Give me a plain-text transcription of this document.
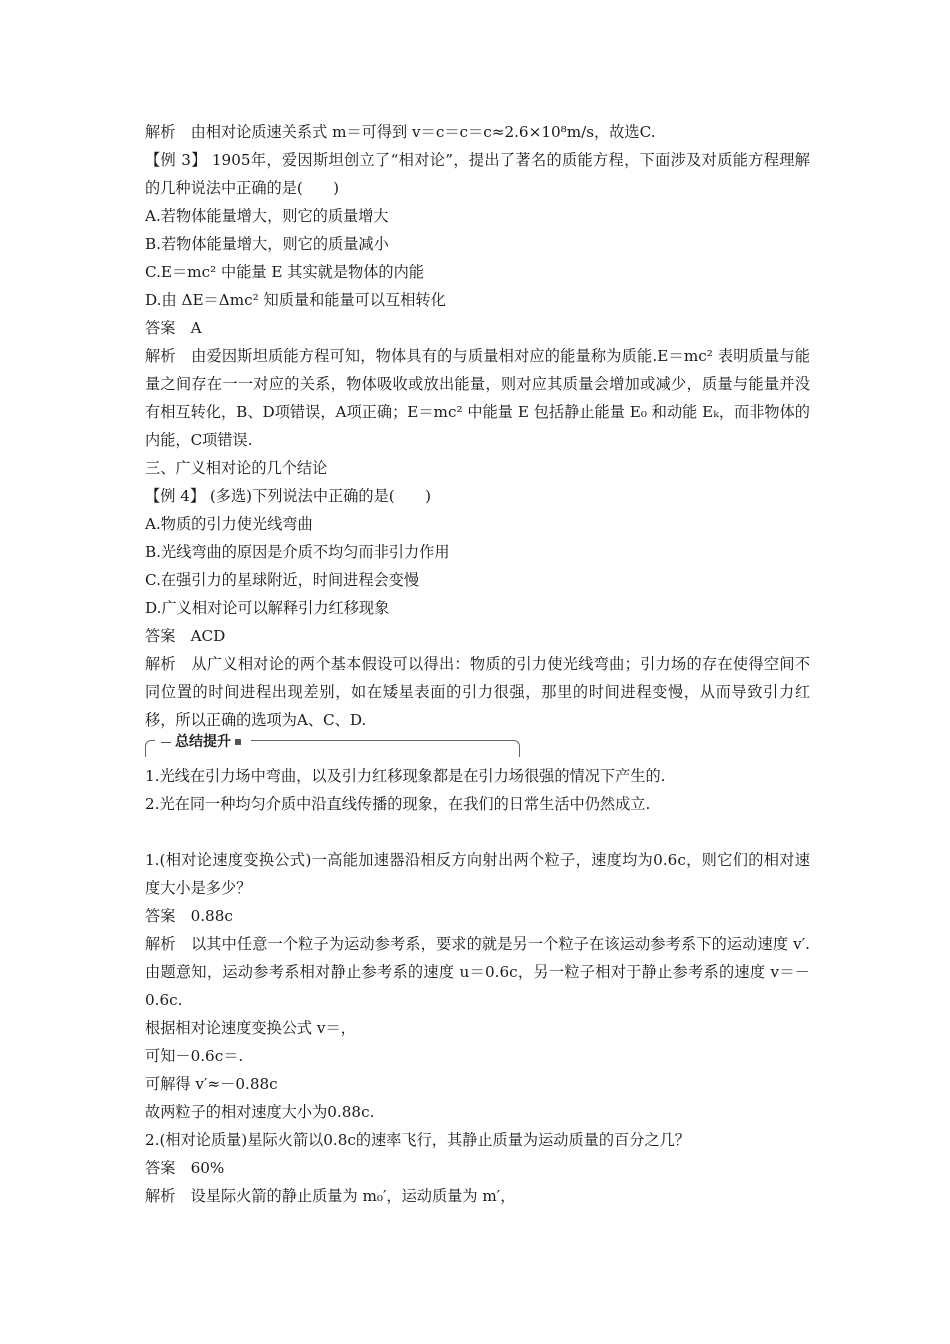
解析　由相对论质速关系式 m＝可得到 v＝c＝c＝c≈2.6×10⁸m/s，故选C.
【例 3】 1905年，爱因斯坦创立了“相对论”，提出了著名的质能方程，下面涉及对质能方程理解的几种说法中正确的是(　　)
A.若物体能量增大，则它的质量增大
B.若物体能量增大，则它的质量减小
C.E＝mc² 中能量 E 其实就是物体的内能
D.由 ΔE＝Δmc² 知质量和能量可以互相转化
答案　A
解析　由爱因斯坦质能方程可知，物体具有的与质量相对应的能量称为质能.E＝mc² 表明质量与能量之间存在一一对应的关系，物体吸收或放出能量，则对应其质量会增加或减少，质量与能量并没有相互转化，B、D项错误，A项正确；E＝mc² 中能量 E 包括静止能量 E₀ 和动能 Eₖ，而非物体的内能，C项错误.
三、广义相对论的几个结论
【例 4】 (多选)下列说法中正确的是(　　)
A.物质的引力使光线弯曲
B.光线弯曲的原因是介质不均匀而非引力作用
C.在强引力的星球附近，时间进程会变慢
D.广义相对论可以解释引力红移现象
答案　ACD
解析　从广义相对论的两个基本假设可以得出：物质的引力使光线弯曲；引力场的存在使得空间不同位置的时间进程出现差别，如在矮星表面的引力很强，那里的时间进程变慢，从而导致引力红移，所以正确的选项为A、C、D.
总结提升
1.光线在引力场中弯曲，以及引力红移现象都是在引力场很强的情况下产生的.
2.光在同一种均匀介质中沿直线传播的现象，在我们的日常生活中仍然成立.
1.(相对论速度变换公式)一高能加速器沿相反方向射出两个粒子，速度均为0.6c，则它们的相对速度大小是多少？
答案　0.88c
解析　以其中任意一个粒子为运动参考系，要求的就是另一个粒子在该运动参考系下的运动速度 v′.由题意知，运动参考系相对静止参考系的速度 u＝0.6c，另一粒子相对于静止参考系的速度 v＝－0.6c.
根据相对论速度变换公式 v＝，
可知－0.6c＝.
可解得 v′≈－0.88c
故两粒子的相对速度大小为0.88c.
2.(相对论质量)星际火箭以0.8c的速率飞行，其静止质量为运动质量的百分之几？
答案　60%
解析　设星际火箭的静止质量为 m₀′，运动质量为 m′，
